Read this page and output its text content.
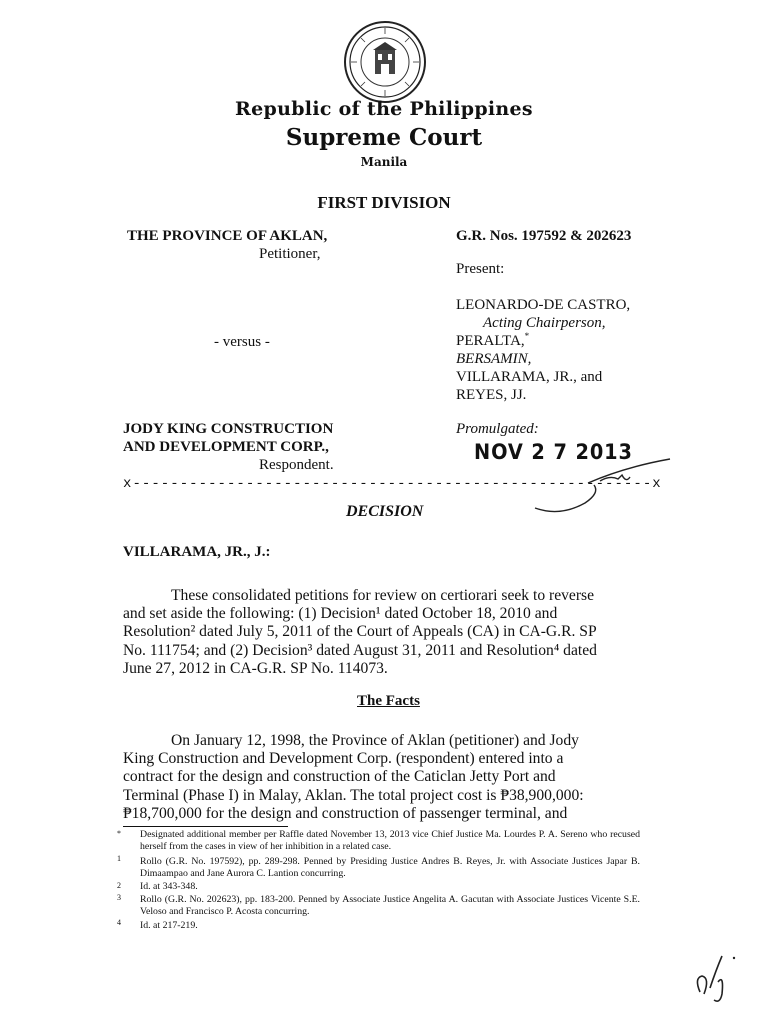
Republic of the Philippines
Supreme Court
Manila
FIRST DIVISION
THE PROVINCE OF AKLAN,
Petitioner,
- versus -
JODY KING CONSTRUCTION
AND DEVELOPMENT CORP.,
Respondent.
G.R. Nos. 197592 & 202623
Present:
LEONARDO-DE CASTRO,
Acting Chairperson,
PERALTA,*
BERSAMIN,
VILLARAMA, JR., and
REYES, JJ.
Promulgated:
NOV 2 7 2013
x-------------------------------------------------------x
DECISION
VILLARAMA, JR., J.:
These consolidated petitions for review on certiorari seek to reverse
and set aside the following: (1) Decision¹ dated October 18, 2010 and
Resolution² dated July 5, 2011 of the Court of Appeals (CA) in CA-G.R. SP
No. 111754; and (2) Decision³ dated August 31, 2011 and Resolution⁴ dated
June 27, 2012 in CA-G.R. SP No. 114073.
The Facts
On January 12, 1998, the Province of Aklan (petitioner) and Jody
King Construction and Development Corp. (respondent) entered into a
contract for the design and construction of the Caticlan Jetty Port and
Terminal (Phase I) in Malay, Aklan. The total project cost is ₱38,900,000:
₱18,700,000 for the design and construction of passenger terminal, and
* Designated additional member per Raffle dated November 13, 2013 vice Chief Justice Ma. Lourdes P. A. Sereno who recused herself from the cases in view of her inhibition in a related case.
1 Rollo (G.R. No. 197592), pp. 289-298. Penned by Presiding Justice Andres B. Reyes, Jr. with Associate Justices Japar B. Dimaampao and Jane Aurora C. Lantion concurring.
2 Id. at 343-348.
3 Rollo (G.R. No. 202623), pp. 183-200. Penned by Associate Justice Angelita A. Gacutan with Associate Justices Vicente S.E. Veloso and Francisco P. Acosta concurring.
4 Id. at 217-219.
